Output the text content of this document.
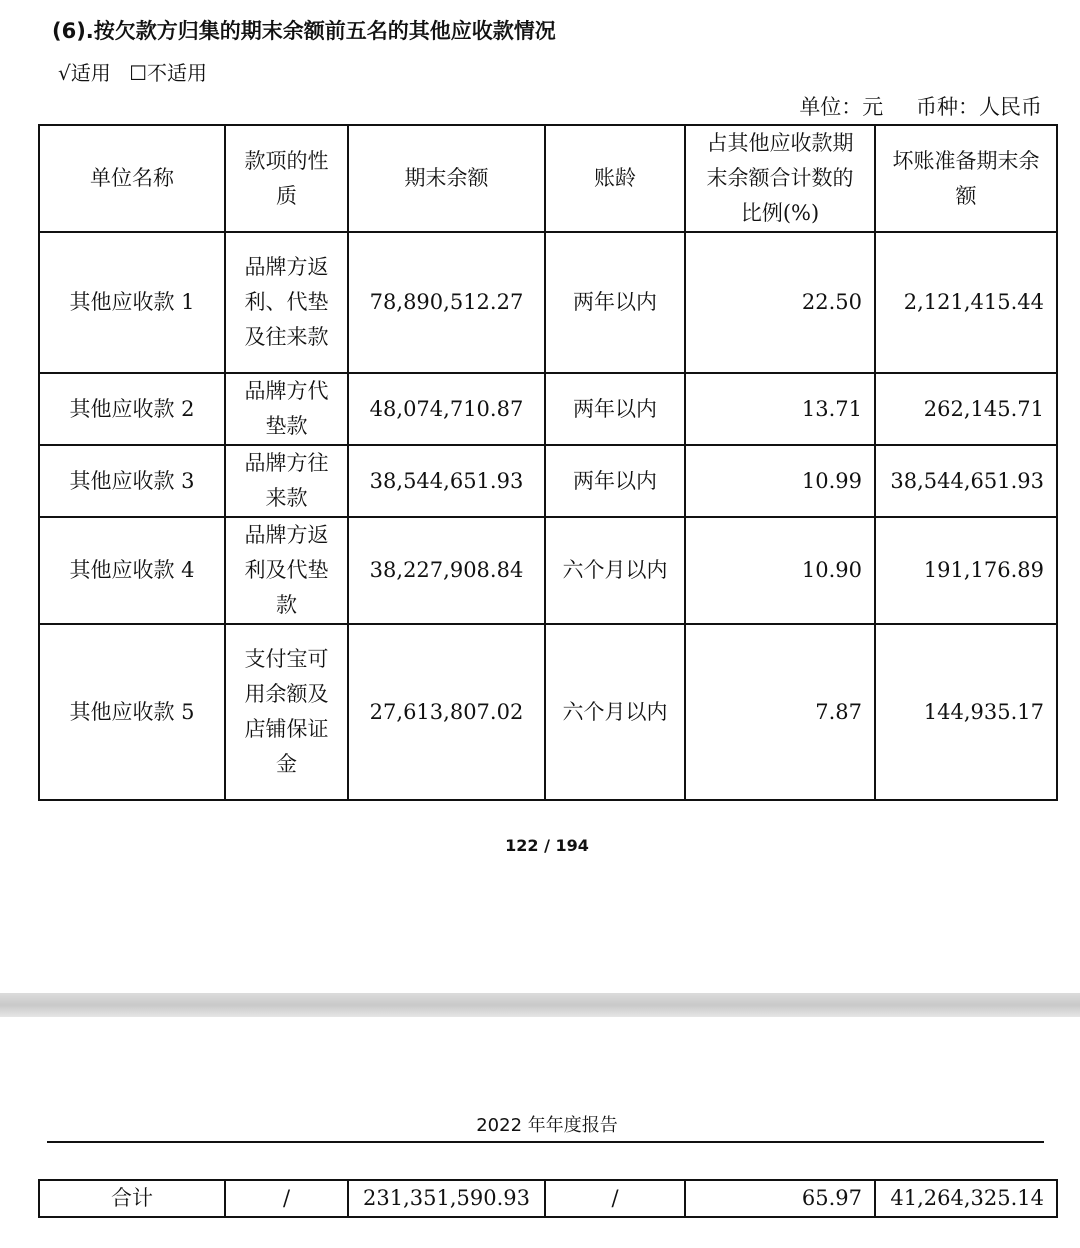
(6).按欠款方归集的期末余额前五名的其他应收款情况
√适用 ☐不适用
单位：元 币种：人民币
单位名称	款项的性质	期末余额	账龄	占其他应收款期末余额合计数的比例(%)	坏账准备期末余额
其他应收款 1	品牌方返利、代垫及往来款	78,890,512.27	两年以内	22.50	2,121,415.44
其他应收款 2	品牌方代垫款	48,074,710.87	两年以内	13.71	262,145.71
其他应收款 3	品牌方往来款	38,544,651.93	两年以内	10.99	38,544,651.93
其他应收款 4	品牌方返利及代垫款	38,227,908.84	六个月以内	10.90	191,176.89
其他应收款 5	支付宝可用余额及店铺保证金	27,613,807.02	六个月以内	7.87	144,935.17
122 / 194
2022 年年度报告
合计	/	231,351,590.93	/	65.97	41,264,325.14
